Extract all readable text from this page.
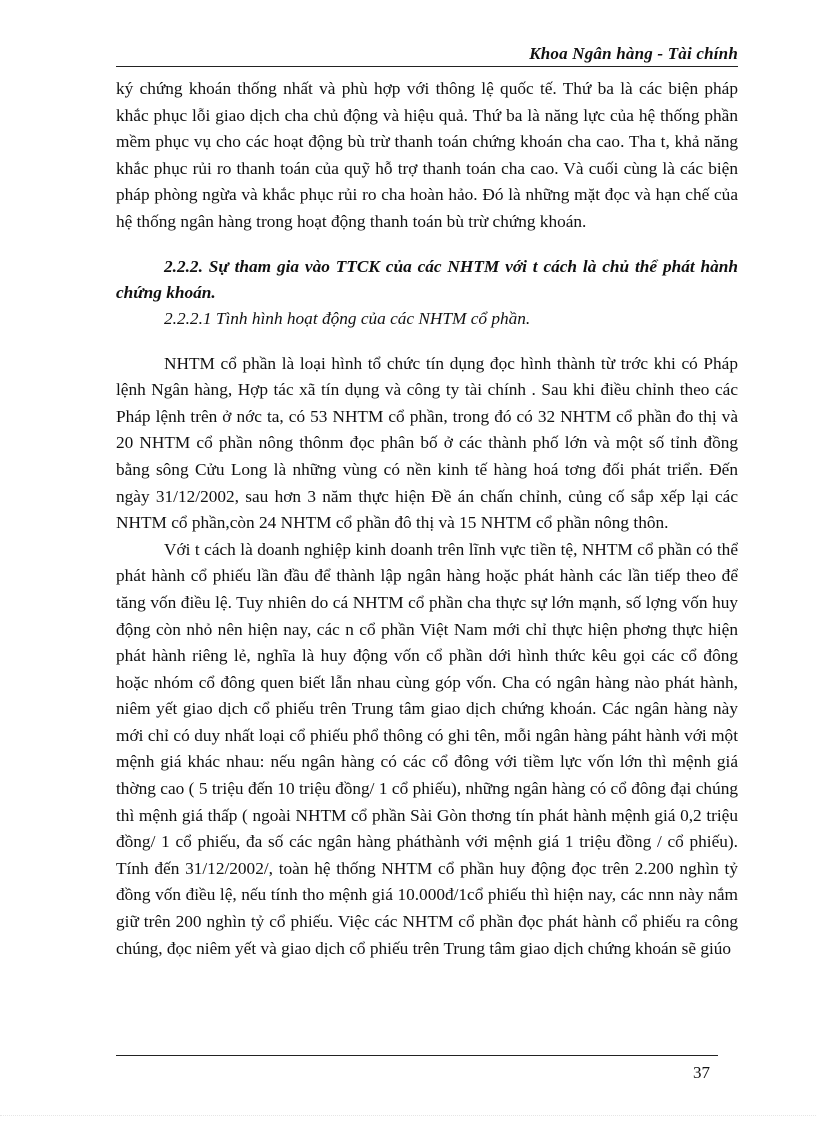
Khoa Ngân hàng - Tài chính

ký chứng khoán thống nhất và phù hợp với thông lệ quốc tế. Thứ ba là các biện pháp khắc phục lỗi giao dịch cha chủ động và hiệu quả. Thứ ba là năng lực của hệ thống phần mềm phục vụ cho các hoạt động bù trừ thanh toán chứng khoán cha cao. Tha t, khả năng khắc phục rủi ro thanh toán của quỹ hỗ trợ thanh toán cha cao. Và cuối cùng là các biện pháp phòng ngừa và khắc phục rủi ro cha hoàn hảo. Đó là những mặt đọc và hạn chế của hệ thống ngân hàng trong hoạt động thanh toán bù trừ chứng khoán.

2.2.2. Sự tham gia vào TTCK của các NHTM với t cách là chủ thể phát hành chứng khoán.

2.2.2.1 Tình hình hoạt động của các NHTM cổ phần.

NHTM cổ phần là loại hình tổ chức tín dụng đọc hình thành từ trớc khi có Pháp lệnh Ngân hàng, Hợp tác xã tín dụng và công ty tài chính . Sau khi điều chỉnh theo các Pháp lệnh trên ở nớc ta, có 53 NHTM cổ phần, trong đó có 32 NHTM cổ phần đo thị và 20 NHTM cổ phần nông thônm đọc phân bố ở các thành phố lớn và một số tỉnh đồng bằng sông Cửu Long là những vùng có nền kinh tế hàng hoá tơng đối phát triển. Đến ngày 31/12/2002, sau hơn 3 năm thực hiện Đề án chấn chỉnh, củng cố sắp xếp lại các NHTM cổ phần,còn 24 NHTM cổ phần đô thị và 15 NHTM cổ phần nông thôn.

Với t cách là doanh nghiệp kinh doanh trên lĩnh vực tiền tệ, NHTM cổ phần có thể phát hành cổ phiếu lần đầu để thành lập ngân hàng hoặc phát hành các lần tiếp theo để tăng vốn điều lệ. Tuy nhiên do cá NHTM cổ phần cha thực sự lớn mạnh, số lợng vốn huy động còn nhỏ nên hiện nay, các n cổ phần Việt Nam mới chỉ thực hiện phơng thực hiện phát hành riêng lẻ, nghĩa là huy động vốn cổ phần dới hình thức kêu gọi các cổ đông hoặc nhóm cổ đông quen biết lẫn nhau cùng góp vốn. Cha có ngân hàng nào phát hành, niêm yết giao dịch cổ phiếu trên Trung tâm giao dịch chứng khoán. Các ngân hàng này mới chỉ có duy nhất loại cổ phiếu phổ thông có ghi tên, mỗi ngân hàng páht hành với một mệnh giá khác nhau: nếu ngân hàng có các cổ đông với tiềm lực vốn lớn thì mệnh giá thờng cao ( 5 triệu đến 10 triệu đồng/ 1 cổ phiếu), những ngân hàng có cổ đông đại chúng thì mệnh giá thấp ( ngoài NHTM cổ phần Sài Gòn thơng tín phát hành mệnh giá 0,2 triệu đồng/ 1 cổ phiếu, đa số các ngân hàng pháthành với mệnh giá 1 triệu đồng / cổ phiếu). Tính đến 31/12/2002/, toàn hệ thống NHTM cổ phần huy động đọc trên 2.200 nghìn tỷ đồng vốn điều lệ, nếu tính tho mệnh giá 10.000đ/1cổ phiếu thì hiện nay, các nnn này nắm giữ trên 200 nghìn tỷ cổ phiếu. Việc các NHTM cổ phần đọc phát hành cổ phiếu ra công chúng, đọc niêm yết và giao dịch cổ phiếu trên Trung tâm giao dịch chứng khoán sẽ giúo

37
